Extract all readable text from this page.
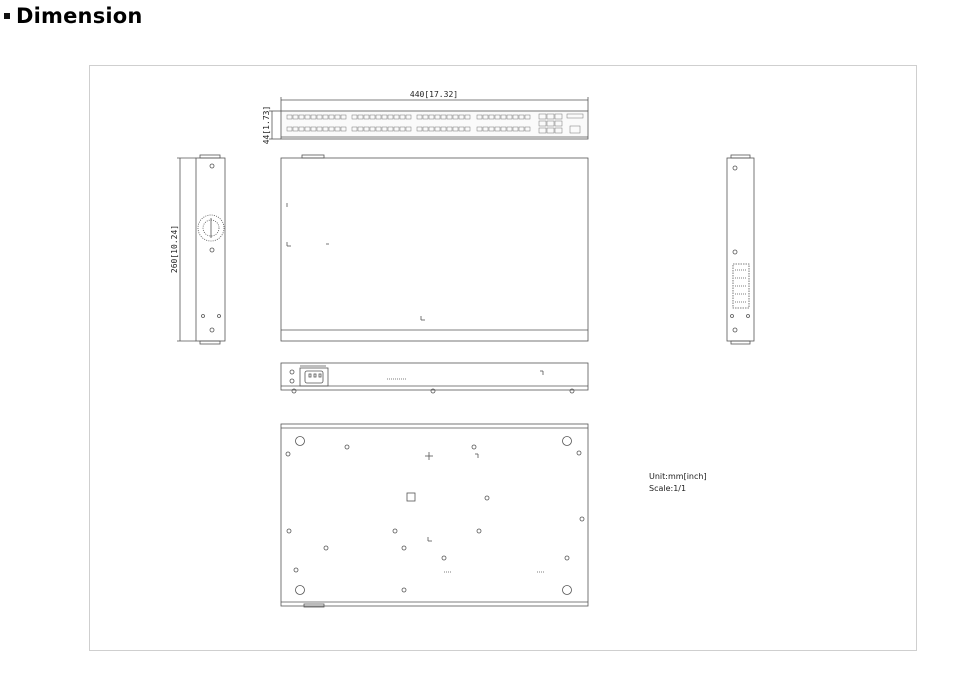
Dimension
440[17.32]
44[1.73]
260[10.24]
Unit:mm[inch]
Scale:1/1
